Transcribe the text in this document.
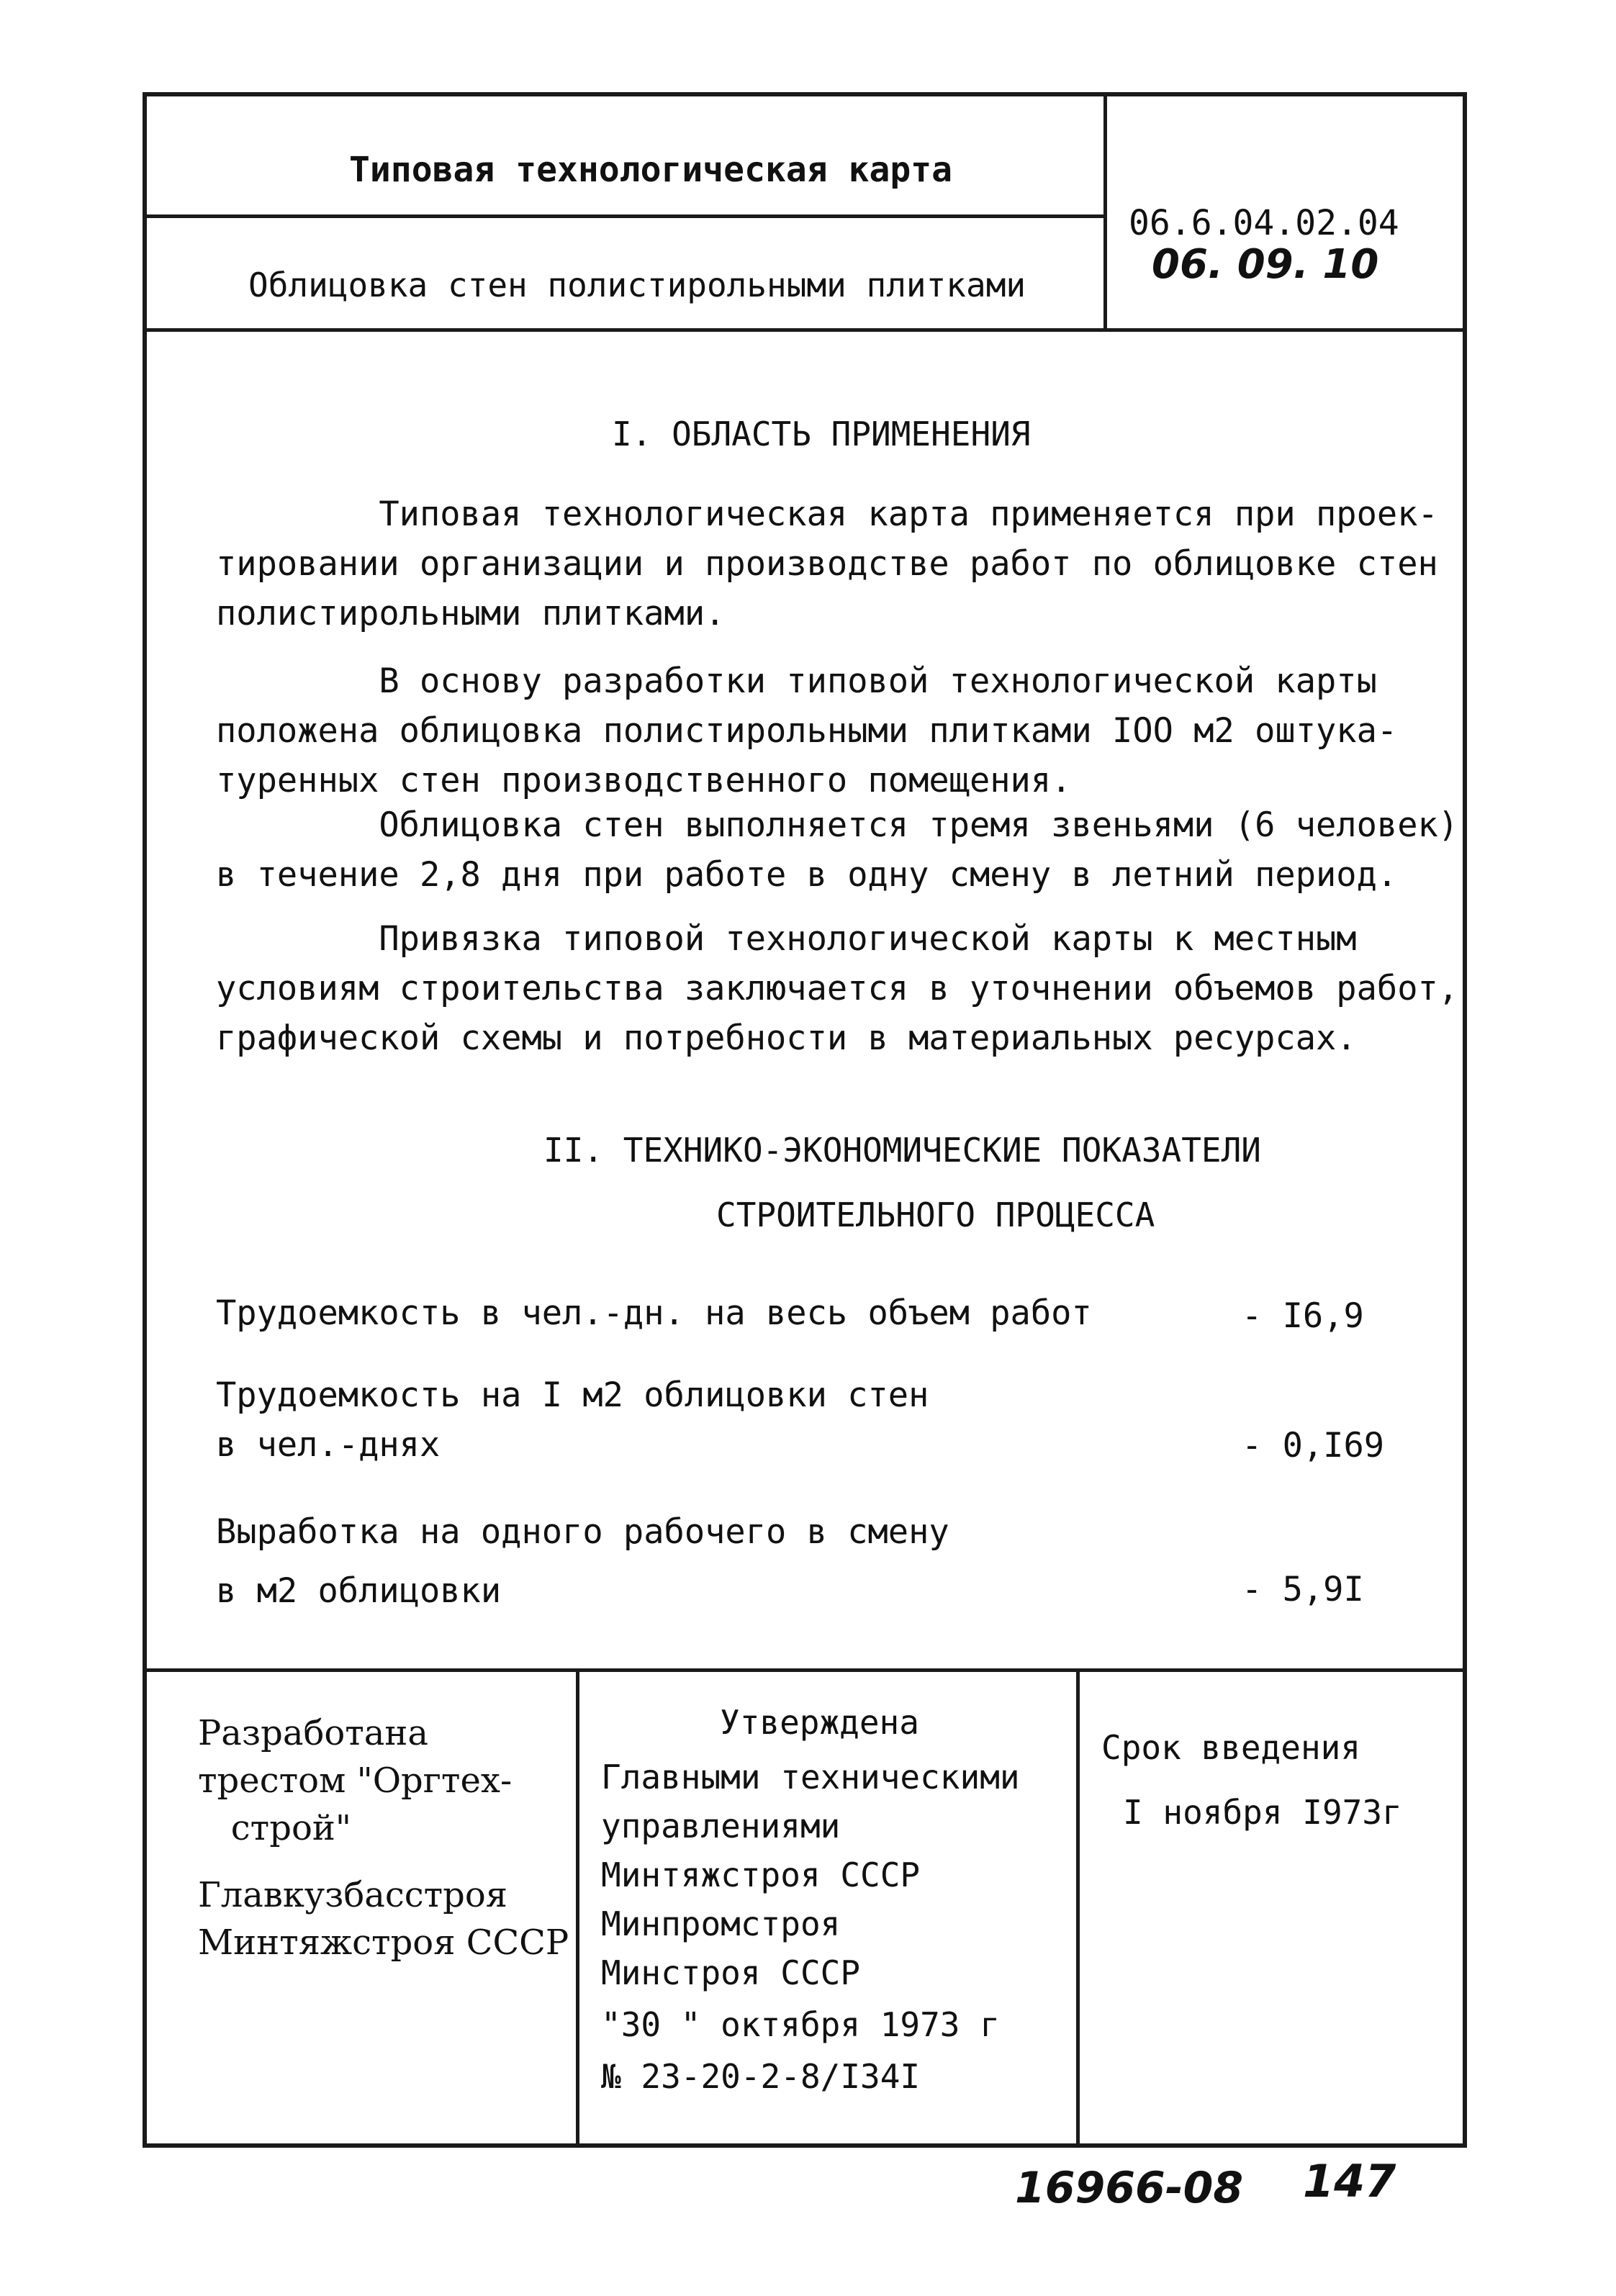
Типовая технологическая карта
Облицовка стен полистирольными плитками
06.6.04.02.04
06. 09. 10
I. ОБЛАСТЬ ПРИМЕНЕНИЯ
Типовая технологическая карта применяется при проек-
тировании организации и производстве работ по облицовке стен
полистирольными плитками.
В основу разработки типовой технологической карты
положена облицовка полистирольными плитками IOO м2 оштука-
туренных стен производственного помещения.
Облицовка стен выполняется тремя звеньями (6 человек)
в течение 2,8 дня при работе в одну смену в летний период.
Привязка типовой технологической карты к местным
условиям строительства заключается в уточнении объемов работ,
графической схемы и потребности в материальных ресурсах.
II. ТЕХНИКО-ЭКОНОМИЧЕСКИЕ ПОКАЗАТЕЛИ
СТРОИТЕЛЬНОГО ПРОЦЕССА
Трудоемкость в чел.-дн. на весь объем работ	- I6,9
Трудоемкость на I м2 облицовки стен
в чел.-днях	- 0,I69
Выработка на одного рабочего в смену
в м2 облицовки	- 5,9I
Разработана
трестом "Оргтех-
строй"
Главкузбасстроя
Минтяжстроя СССР
Утверждена
Главными техническими
управлениями
Минтяжстроя СССР
Минпромстроя
Минстроя СССР
"30 " октября 1973 г
№ 23-20-2-8/I34I
Срок введения
I ноября I973г
16966-08 147
